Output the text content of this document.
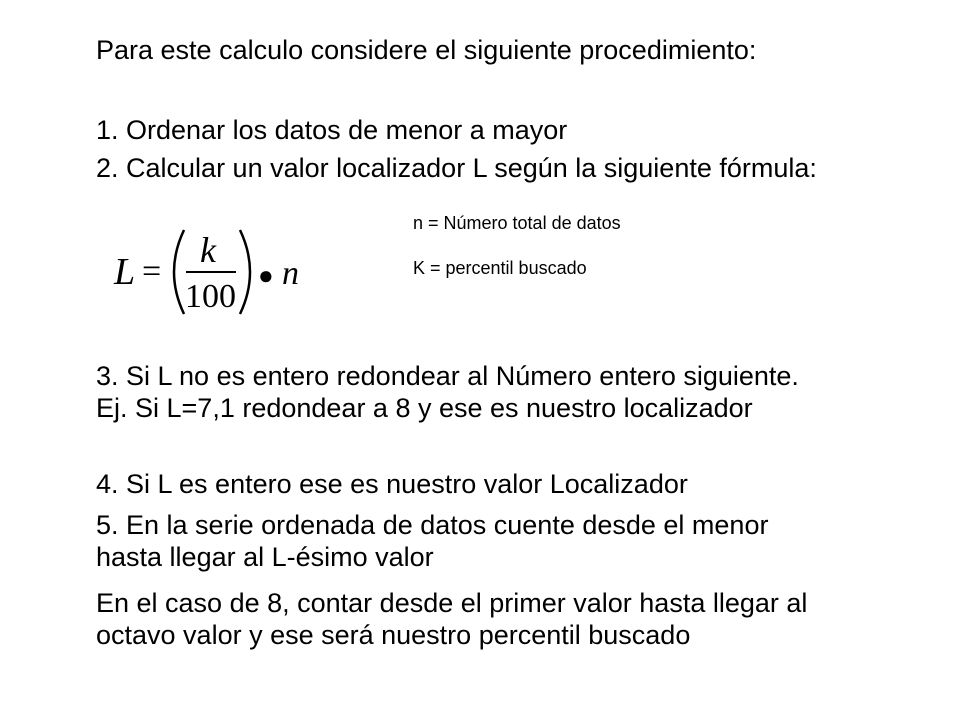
Para este calculo considere el siguiente procedimiento:

1. Ordenar los datos de menor a mayor

2. Calcular un valor localizador L según la siguiente fórmula:

n = Número total de datos

K = percentil buscado

L =
k
100
● n

3. Si L no es entero redondear al Número entero siguiente. Ej. Si L=7,1 redondear a 8 y ese es nuestro localizador

4. Si L es entero ese es nuestro valor Localizador

5. En la serie ordenada de datos cuente desde el menor hasta llegar al L-ésimo valor

En el caso de 8, contar desde el primer valor hasta llegar al octavo valor y ese será nuestro percentil buscado
